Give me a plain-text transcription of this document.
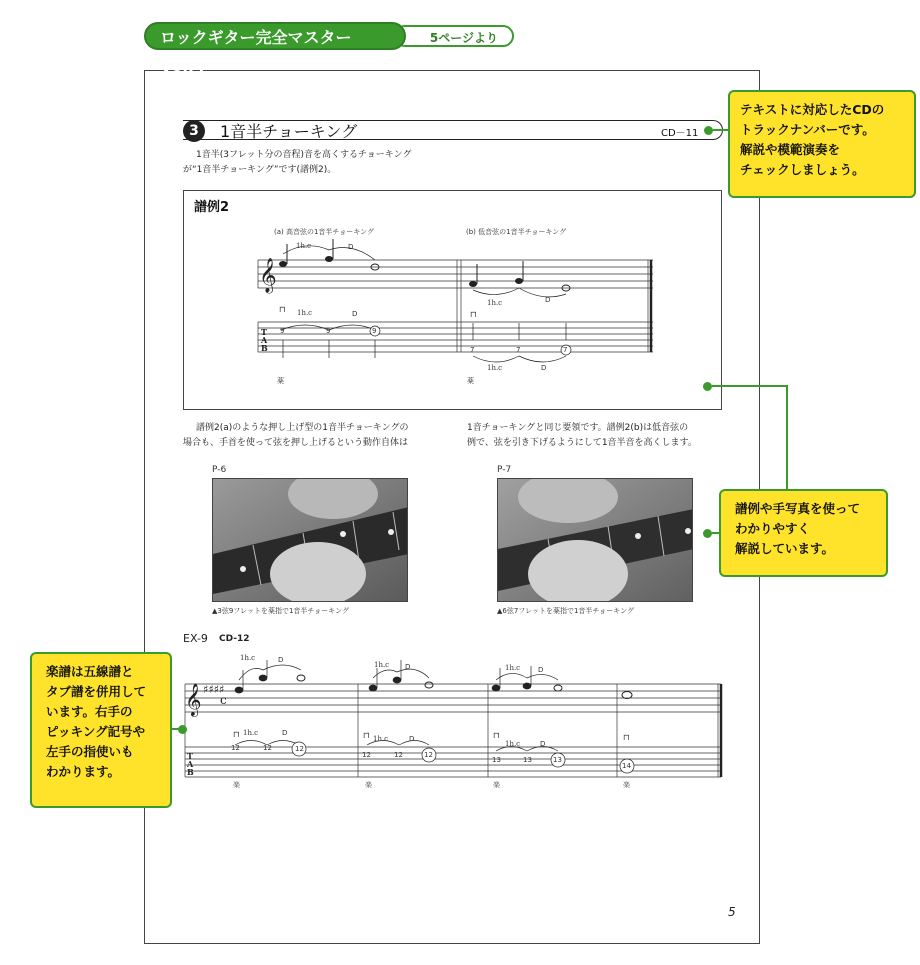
ロックギター完全マスター　Vol.4
5ページより
3	1音半チョーキング	CD－11
1音半(3フレット分の音程)音を高くするチョーキング
が“1音半チョーキング”です(譜例2)。
譜例2
(a) 高音弦の1音半チョーキング	(b) 低音弦の1音半チョーキング
𝄞
T
A
B
⊓
⊓
1h.c	D
1h.c	D
1h.c	D
1h.c	D
9	9	9
7	7	7
薬	薬
譜例2(a)のような押し上げ型の1音半チョーキングの
場合も、手首を使って弦を押し上げるという動作自体は
1音チョーキングと同じ要領です。譜例2(b)は低音弦の
例で、弦を引き下げるようにして1音半音を高くします。
P-6
▲3弦9フレットを薬指で1音半チョーキング
P-7
▲6弦7フレットを薬指で1音半チョーキング
EX-9 CD-12
𝄞 ♯♯♯♯
c
T
A
B
⊓	⊓	⊓	⊓
楽	楽	楽	楽
1h.c	D
1h.c D	1h.c	D
1h.c	D
1h.c	D
1h.c	D
12	12	12
12	12	12
13	13	13
14
5
テキストに対応したCDの
トラックナンバーです。
解説や模範演奏を
チェックしましょう。
譜例や手写真を使って
わかりやすく
解説しています。
楽譜は五線譜と
タブ譜を併用して
います。右手の
ピッキング記号や
左手の指使いも
わかります。
